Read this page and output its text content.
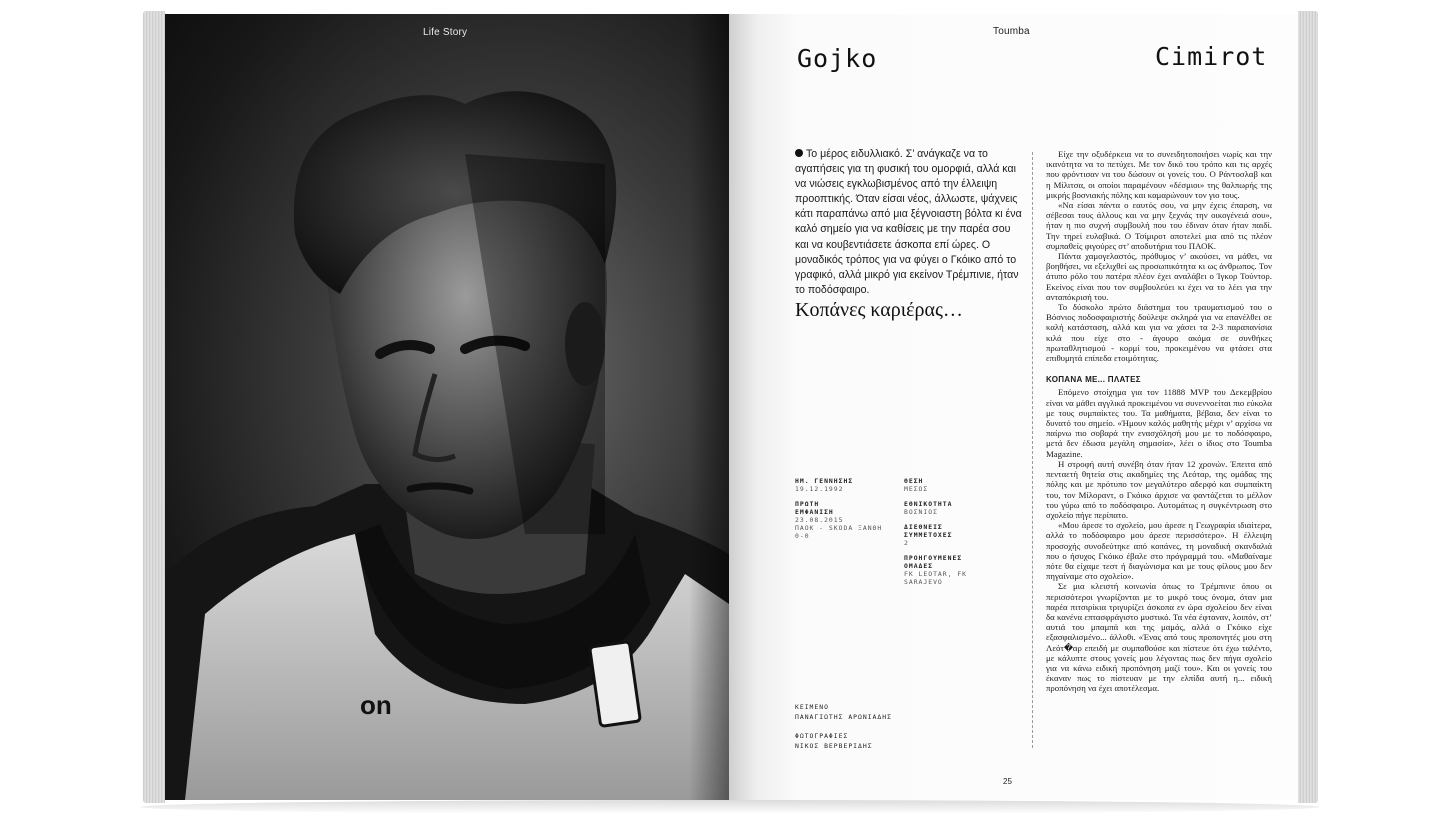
on
Life Story	Toumba
Gojko	Cimirot
Το μέρος ειδυλλιακό. Σ’ ανάγκαζε να το αγαπήσεις για τη φυσική του ομορφιά, αλλά και να νιώσεις εγκλωβισμένος από την έλλειψη προοπτικής. Όταν είσαι νέος, άλλωστε, ψάχνεις κάτι παραπάνω από μια ξέγνοιαστη βόλτα κι ένα καλό σημείο για να καθίσεις με την παρέα σου και να κουβεντιάσετε άσκοπα επί ώρες. Ο μοναδικός τρόπος για να φύγει ο Γκόικο από το γραφικό, αλλά μικρό για εκείνον Τρέμπινιε, ήταν το ποδόσφαιρο.
Κοπάνες καριέρας…
ΗΜ. ΓΕΝΝΗΣΗΣ
19.12.1992
ΠΡΩΤΗ
ΕΜΦΑΝΙΣΗ
23.08.2015
ΠΑΟΚ - SKODA ΞΑΝΘΗ
0-0
ΘΕΣΗ
ΜΕΣΟΣ
ΕΘΝΙΚΟΤΗΤΑ
ΒΟΣΝΙΟΣ
ΔΙΕΘΝΕΙΣ
ΣΥΜΜΕΤΟΧΕΣ
2
ΠΡΟΗΓΟΥΜΕΝΕΣ
ΟΜΑΔΕΣ
FK LEOTAR, FK
SARAJEVO
ΚΕΙΜΕΝΟ
ΠΑΝΑΓΙΩΤΗΣ ΑΡΩΝΙΑΔΗΣ
ΦΩΤΟΓΡΑΦΙΕΣ
ΝΙΚΟΣ ΒΕΡΒΕΡΙΔΗΣ

Είχε την οξυδέρκεια να το συνειδητοποιήσει νωρίς και την ικανότητα να το πετύχει. Με τον δικό του τρόπο και τις αρχές που φρόντισαν να του δώσουν οι γονείς του. Ο Ράντοσλαβ και η Μίλιτσα, οι οποίοι παραμένουν «δέσμιοι» της θαλπωρής της μικρής βοσνιακής πόλης και καμαρώνουν τον γιο τους.

«Να είσαι πάντα ο εαυτός σου, να μην έχεις έπαρση, να σέβεσαι τους άλλους και να μην ξεχνάς την οικογένειά σου», ήταν η πιο συχνή συμβουλή που του έδιναν όταν ήταν παιδί. Την τηρεί ευλαβικά. Ο Τσίμιροτ αποτελεί μια από τις πλέον συμπαθείς φιγούρες στ’ αποδυτήρια του ΠΑΟΚ.

Πάντα χαμογελαστός, πρόθυμος ν’ ακούσει, να μάθει, να βοηθήσει, να εξελιχθεί ως προσωπικότητα κι ως άνθρωπος. Τον άτυπο ρόλο του πατέρα πλέον έχει αναλάβει ο Ίγκορ Τούντορ. Εκείνος είναι που τον συμβουλεύει κι έχει να το λέει για την ανταπόκρισή του.

Το δύσκολο πρώτο διάστημα του τραυματισμού του ο Βόσνιος ποδοσφαιριστής δούλεψε σκληρά για να επανέλθει σε καλή κατάσταση, αλλά και για να χάσει τα 2-3 παραπανίσια κιλά που είχε στο - άγουρο ακόμα σε συνθήκες πρωταθλητισμού - κορμί του, προκειμένου να φτάσει στα επιθυμητά επίπεδα ετοιμότητας.

ΚΟΠΑΝΑ ΜΕ... ΠΛΑΤΕΣ

Επόμενο στοίχημα για τον 11888 MVP του Δεκεμβρίου είναι να μάθει αγγλικά προκειμένου να συνεννοείται πιο εύκολα με τους συμπαίκτες του. Τα μαθήματα, βέβαια, δεν είναι το δυνατό του σημείο. «Ήμουν καλός μαθητής μέχρι ν’ αρχίσω να παίρνω πιο σοβαρά την ενασχόλησή μου με το ποδόσφαιρο, μετά δεν έδωσα μεγάλη σημασία», λέει ο ίδιος στο Toumba Magazine.

Η στροφή αυτή συνέβη όταν ήταν 12 χρονών. Έπειτα από πενταετή θητεία στις ακαδημίες της Λεόταρ, της ομάδας της πόλης και με πρότυπο τον μεγαλύτερο αδερφό και συμπαίκτη του, τον Μίλοραντ, ο Γκόικο άρχισε να φαντάζεται το μέλλον του γύρω από το ποδόσφαιρο. Αυτομάτως η συγκέντρωση στο σχολείο πήγε περίπατο.

«Μου άρεσε το σχολείο, μου άρεσε η Γεωγραφία ιδιαίτερα, αλλά το ποδόσφαιρο μου άρεσε περισσότερο». Η έλλειψη προσοχής συνοδεύτηκε από κοπάνες, τη μοναδική σκανδαλιά που ο ήσυχος Γκόικο έβαλε στο πρόγραμμά του. «Μαθαίναμε πότε θα είχαμε τεστ ή διαγώνισμα και με τους φίλους μου δεν πηγαίναμε στο σχολείο».

Σε μια κλειστή κοινωνία όπως το Τρέμπινιε όπου οι περισσότεροι γνωρίζονται με το μικρό τους όνομα, όταν μια παρέα πιτσιρίκια τριγυρίζει άσκοπα εν ώρα σχολείου δεν είναι δα κανένα επτασφράγιστο μυστικό. Τα νέα έφταναν, λοιπόν, στ’ αυτιά του μπαμπά και της μαμάς, αλλά ο Γκόικο είχε εξασφαλισμένο... άλλοθι. «Ένας από τους προπονητές μου στη Λεότ�αρ επειδή με συμπαθούσε και πίστευε ότι έχω ταλέντο, με κάλυπτε στους γονείς μου λέγοντας πως δεν πήγα σχολείο για να κάνω ειδική προπόνηση μαζί του». Και οι γονείς του έκαναν πως το πίστευαν με την ελπίδα αυτή η... ειδική προπόνηση να έχει αποτέλεσμα.

25
